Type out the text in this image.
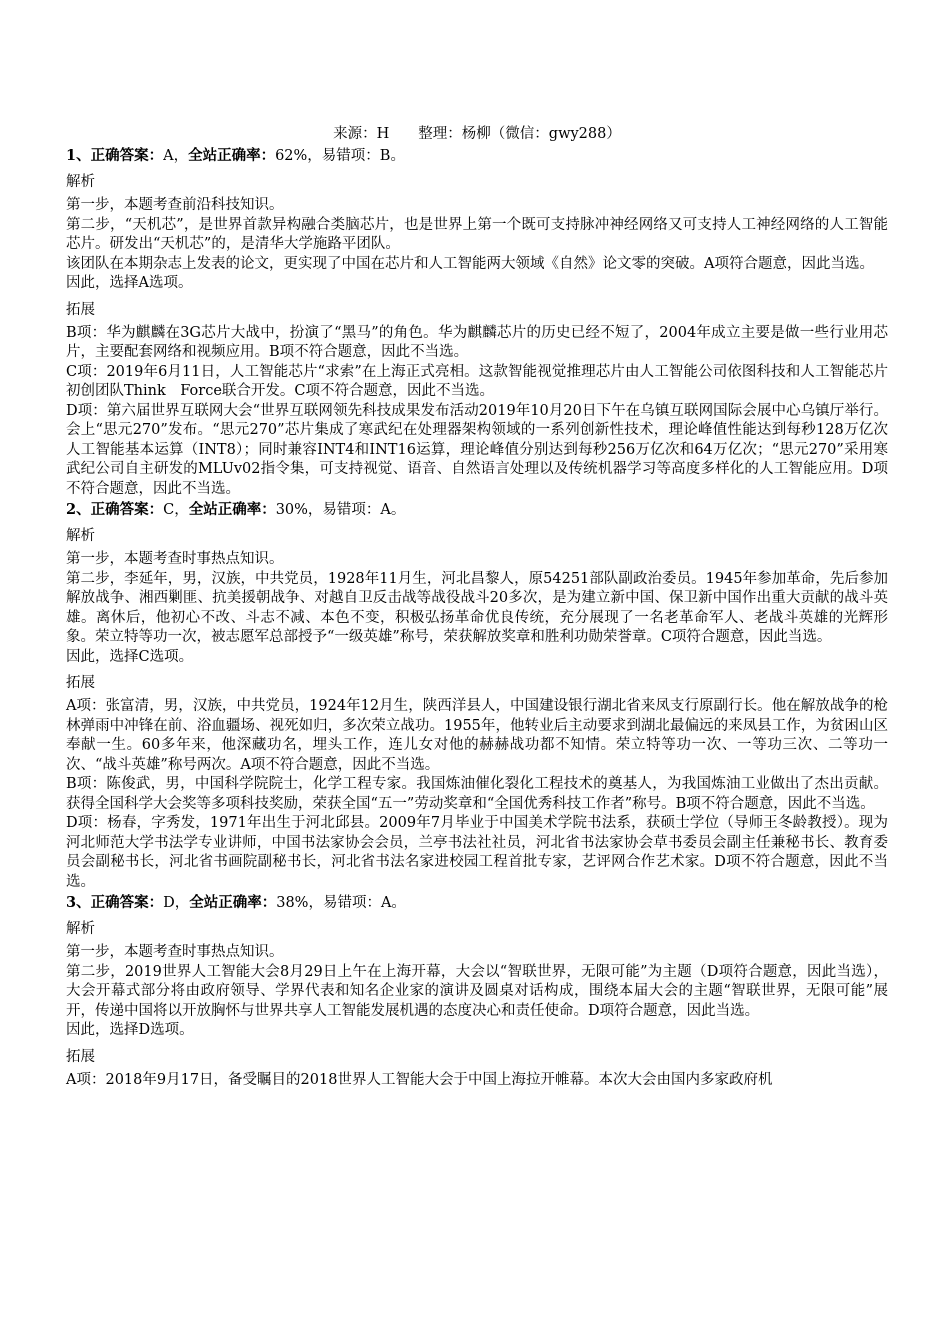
来源：H　　整理：杨柳（微信：gwy288）
1、正确答案：A，全站正确率：62%，易错项：B。
解析
第一步，本题考查前沿科技知识。
第二步，“天机芯”，是世界首款异构融合类脑芯片，也是世界上第一个既可支持脉冲神经网络又可支持人工神经网络的人工智能芯片。研发出“天机芯”的，是清华大学施路平团队。
该团队在本期杂志上发表的论文，更实现了中国在芯片和人工智能两大领域《自然》论文零的突破。A项符合题意，因此当选。
因此，选择A选项。
拓展
B项：华为麒麟在3G芯片大战中，扮演了“黑马”的角色。华为麒麟芯片的历史已经不短了，2004年成立主要是做一些行业用芯片，主要配套网络和视频应用。B项不符合题意，因此不当选。
C项：2019年6月11日，人工智能芯片“求索”在上海正式亮相。这款智能视觉推理芯片由人工智能公司依图科技和人工智能芯片初创团队Think　Force联合开发。C项不符合题意，因此不当选。
D项：第六届世界互联网大会“世界互联网领先科技成果发布活动2019年10月20日下午在乌镇互联网国际会展中心乌镇厅举行。会上“思元270”发布。“思元270”芯片集成了寒武纪在处理器架构领域的一系列创新性技术，理论峰值性能达到每秒128万亿次人工智能基本运算（INT8）；同时兼容INT4和INT16运算，理论峰值分别达到每秒256万亿次和64万亿次；“思元270”采用寒武纪公司自主研发的MLUv02指令集，可支持视觉、语音、自然语言处理以及传统机器学习等高度多样化的人工智能应用。D项不符合题意，因此不当选。
2、正确答案：C，全站正确率：30%，易错项：A。
解析
第一步，本题考查时事热点知识。
第二步，李延年，男，汉族，中共党员，1928年11月生，河北昌黎人，原54251部队副政治委员。1945年参加革命，先后参加解放战争、湘西剿匪、抗美援朝战争、对越自卫反击战等战役战斗20多次，是为建立新中国、保卫新中国作出重大贡献的战斗英雄。离休后，他初心不改、斗志不减、本色不变，积极弘扬革命优良传统，充分展现了一名老革命军人、老战斗英雄的光辉形象。荣立特等功一次，被志愿军总部授予“一级英雄”称号，荣获解放奖章和胜利功勋荣誉章。C项符合题意，因此当选。
因此，选择C选项。
拓展
A项：张富清，男，汉族，中共党员，1924年12月生，陕西洋县人，中国建设银行湖北省来凤支行原副行长。他在解放战争的枪林弹雨中冲锋在前、浴血疆场、视死如归，多次荣立战功。1955年，他转业后主动要求到湖北最偏远的来凤县工作，为贫困山区奉献一生。60多年来，他深藏功名，埋头工作，连儿女对他的赫赫战功都不知情。荣立特等功一次、一等功三次、二等功一次、“战斗英雄”称号两次。A项不符合题意，因此不当选。
B项：陈俊武，男，中国科学院院士，化学工程专家。我国炼油催化裂化工程技术的奠基人，为我国炼油工业做出了杰出贡献。获得全国科学大会奖等多项科技奖励，荣获全国“五一”劳动奖章和“全国优秀科技工作者”称号。B项不符合题意，因此不当选。
D项：杨春，字秀发，1971年出生于河北邱县。2009年7月毕业于中国美术学院书法系，获硕士学位（导师王冬龄教授）。现为河北师范大学书法学专业讲师，中国书法家协会会员，兰亭书法社社员，河北省书法家协会草书委员会副主任兼秘书长、教育委员会副秘书长，河北省书画院副秘书长，河北省书法名家进校园工程首批专家，艺评网合作艺术家。D项不符合题意，因此不当选。
3、正确答案：D，全站正确率：38%，易错项：A。
解析
第一步，本题考查时事热点知识。
第二步，2019世界人工智能大会8月29日上午在上海开幕，大会以“智联世界，无限可能”为主题（D项符合题意，因此当选），大会开幕式部分将由政府领导、学界代表和知名企业家的演讲及圆桌对话构成，围绕本届大会的主题“智联世界，无限可能”展开，传递中国将以开放胸怀与世界共享人工智能发展机遇的态度决心和责任使命。D项符合题意，因此当选。
因此，选择D选项。
拓展
A项：2018年9月17日，备受瞩目的2018世界人工智能大会于中国上海拉开帷幕。本次大会由国内多家政府机
